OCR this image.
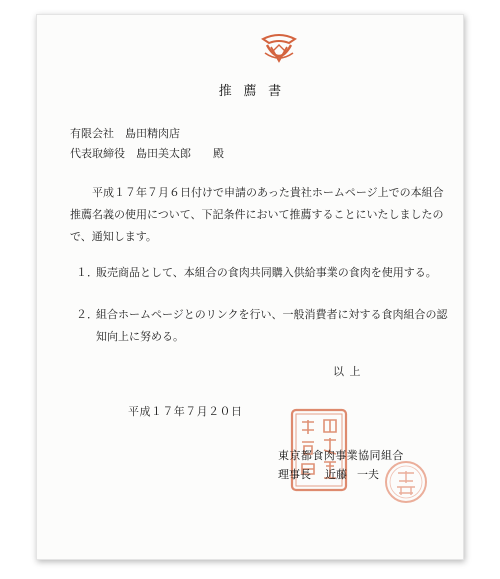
推薦書
有限会社　島田精肉店
代表取締役　島田美太郎 殿
平成１７年７月６日付けで申請のあった貴社ホームページ上での本組合推薦名義の使用について、下記条件において推薦することにいたしましたので、通知します。
１．
販売商品として、本組合の食肉共同購入供給事業の食肉を使用する。
２．
組合ホームページとのリンクを行い、一般消費者に対する食肉組合の認知向上に努める。
以上
平成１７年７月２０日
東京都食肉事業協同組合
理事長 近藤 一夫
